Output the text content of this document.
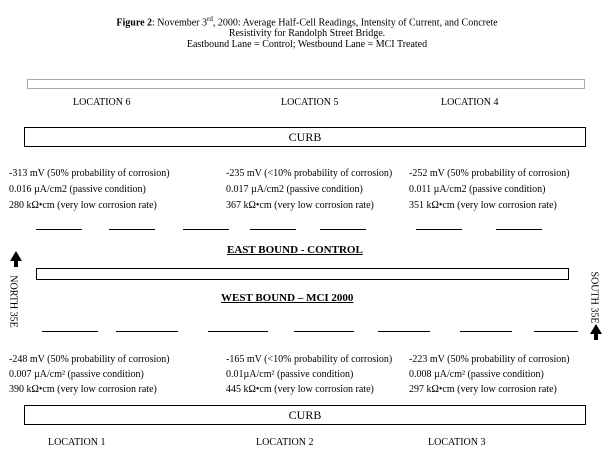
Figure 2: November 3rd, 2000: Average Half-Cell Readings, Intensity of Current, and Concrete
Resistivity for Randolph Street Bridge.
Eastbound Lane = Control; Westbound Lane = MCI Treated
LOCATION 6	LOCATION 5	LOCATION 4
CURB
-313 mV (50% probability of corrosion)
0.016 µA/cm2 (passive condition)
280 kΩ•cm (very low corrosion rate)
-235 mV (<10% probability of corrosion)
0.017 µA/cm2 (passive condition)
367 kΩ•cm (very low corrosion rate)
-252 mV (50% probability of corrosion)
0.011 µA/cm2 (passive condition)
351 kΩ•cm (very low corrosion rate)
EAST BOUND - CONTROL
WEST BOUND – MCI 2000
NORTH 35E	SOUTH 35E
-248 mV (50% probability of corrosion)
0.007 µA/cm² (passive condition)
390 kΩ•cm (very low corrosion rate)
-165 mV (<10% probability of corrosion)
0.01µA/cm² (passive condition)
445 kΩ•cm (very low corrosion rate)
-223 mV (50% probability of corrosion)
0.008 µA/cm² (passive condition)
297 kΩ•cm (very low corrosion rate)
CURB
LOCATION 1	LOCATION 2	LOCATION 3
